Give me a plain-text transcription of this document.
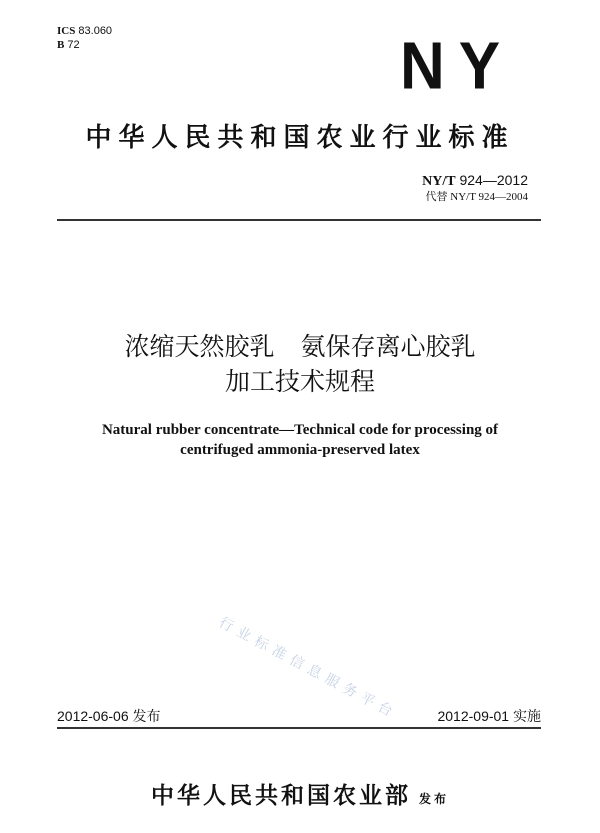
ICS 83.060
B 72	NY
中华人民共和国农业行业标准
NY/T 924—2012
代替 NY/T 924—2004
浓缩天然胶乳 氨保存离心胶乳
加工技术规程
Natural rubber concentrate—Technical code for processing of
centrifuged ammonia-preserved latex
行业标准信息服务平台
2012-06-06 发布	2012-09-01 实施
中华人民共和国农业部 发布
